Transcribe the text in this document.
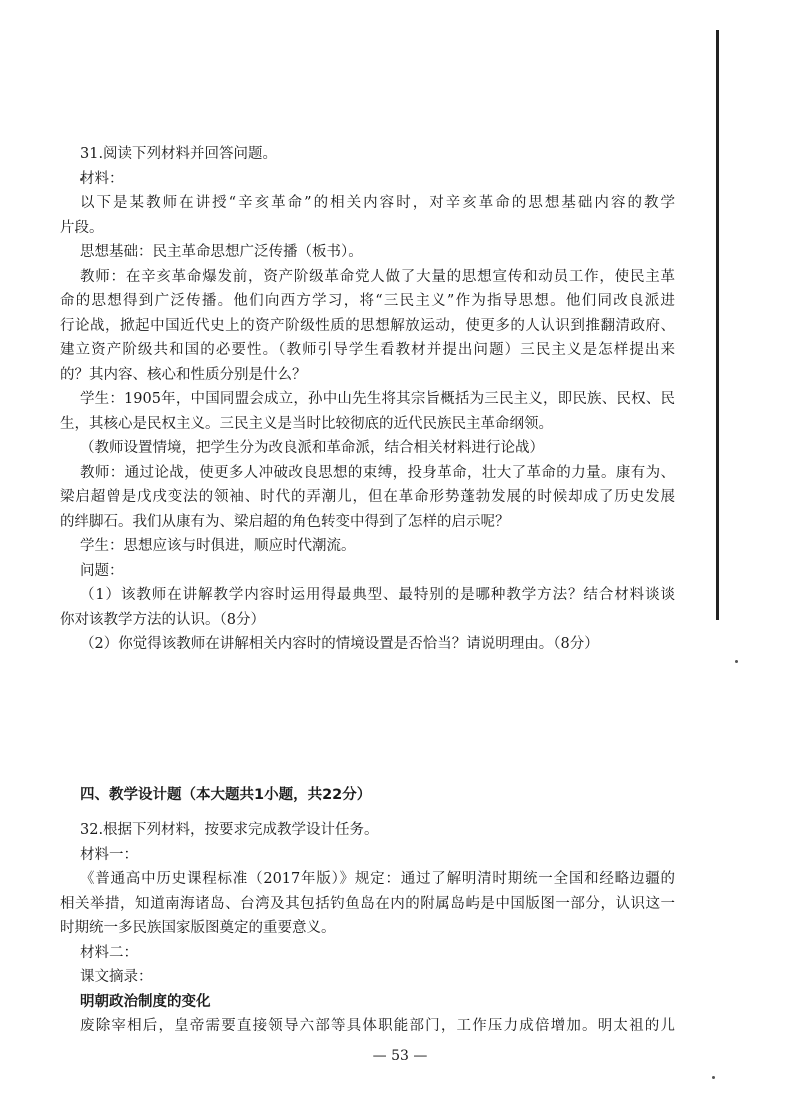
31.阅读下列材料并回答问题。
材料：
以下是某教师在讲授“辛亥革命”的相关内容时，对辛亥革命的思想基础内容的教学
片段。
思想基础：民主革命思想广泛传播（板书）。
教师：在辛亥革命爆发前，资产阶级革命党人做了大量的思想宣传和动员工作，使民主革
命的思想得到广泛传播。他们向西方学习，将“三民主义”作为指导思想。他们同改良派进
行论战，掀起中国近代史上的资产阶级性质的思想解放运动，使更多的人认识到推翻清政府、
建立资产阶级共和国的必要性。（教师引导学生看教材并提出问题）三民主义是怎样提出来
的？其内容、核心和性质分别是什么？
学生：1905年，中国同盟会成立，孙中山先生将其宗旨概括为三民主义，即民族、民权、民
生，其核心是民权主义。三民主义是当时比较彻底的近代民族民主革命纲领。
（教师设置情境，把学生分为改良派和革命派，结合相关材料进行论战）
教师：通过论战，使更多人冲破改良思想的束缚，投身革命，壮大了革命的力量。康有为、
梁启超曾是戊戌变法的领袖、时代的弄潮儿，但在革命形势蓬勃发展的时候却成了历史发展
的绊脚石。我们从康有为、梁启超的角色转变中得到了怎样的启示呢？
学生：思想应该与时俱进，顺应时代潮流。
问题：
（1）该教师在讲解教学内容时运用得最典型、最特别的是哪种教学方法？结合材料谈谈
你对该教学方法的认识。（8分）
（2）你觉得该教师在讲解相关内容时的情境设置是否恰当？请说明理由。（8分）
四、教学设计题（本大题共1小题，共22分）
32.根据下列材料，按要求完成教学设计任务。
材料一：
《普通高中历史课程标准（2017年版）》规定：通过了解明清时期统一全国和经略边疆的
相关举措，知道南海诸岛、台湾及其包括钓鱼岛在内的附属岛屿是中国版图一部分，认识这一
时期统一多民族国家版图奠定的重要意义。
材料二：
课文摘录：
明朝政治制度的变化
废除宰相后，皇帝需要直接领导六部等具体职能部门，工作压力成倍增加。明太祖的儿
— 53 —
